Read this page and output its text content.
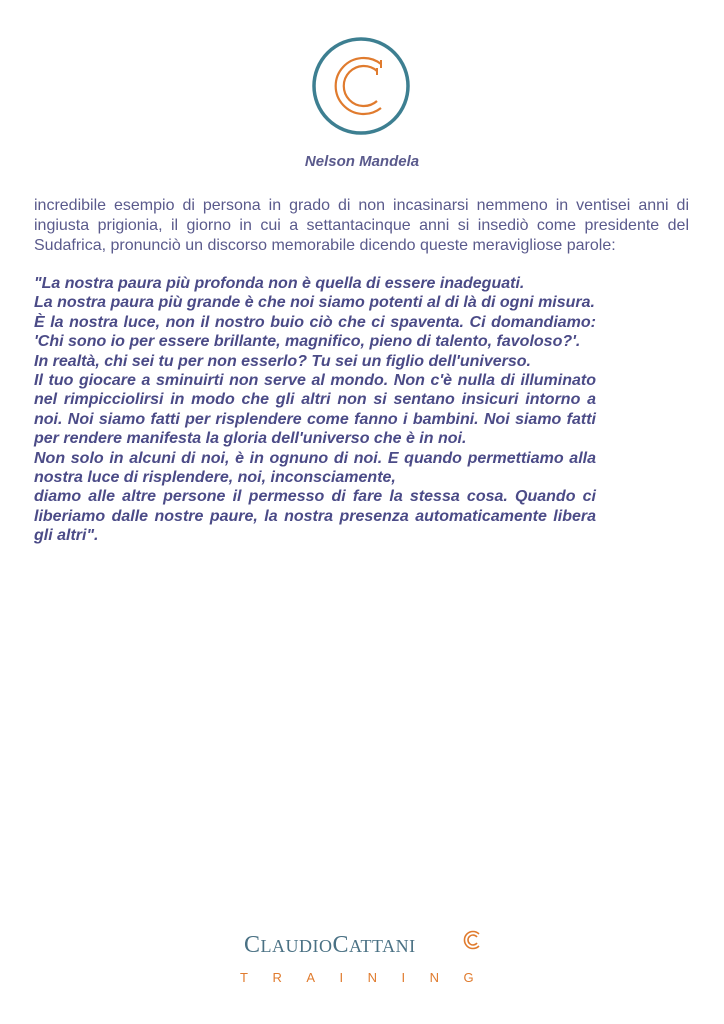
Nelson Mandela

incredibile esempio di persona in grado di non incasinarsi nemmeno in ventisei anni di ingiusta prigionia, il giorno in cui a settantacinque anni si insediò come presidente del Sudafrica, pronunciò un discorso memorabile dicendo queste meravigliose parole:

"La nostra paura più profonda non è quella di essere inadeguati.

La nostra paura più grande è che noi siamo potenti al di là di ogni misura.

È la nostra luce, non il nostro buio ciò che ci spaventa. Ci domandiamo: 'Chi sono io per essere brillante, magnifico, pieno di talento, favoloso?'.

In realtà, chi sei tu per non esserlo? Tu sei un figlio dell'universo.

Il tuo giocare a sminuirti non serve al mondo. Non c'è nulla di illuminato nel rimpicciolirsi in modo che gli altri non si sentano insicuri intorno a noi. Noi siamo fatti per risplendere come fanno i bambini. Noi siamo fatti per rendere manifesta la gloria dell'universo che è in noi.

Non solo in alcuni di noi, è in ognuno di noi. E quando permettiamo alla nostra luce di risplendere, noi, inconsciamente,

diamo alle altre persone il permesso di fare la stessa cosa. Quando ci liberiamo dalle nostre paure, la nostra presenza automaticamente libera gli altri".

CLAUDIOCATTANI
TRAINING
